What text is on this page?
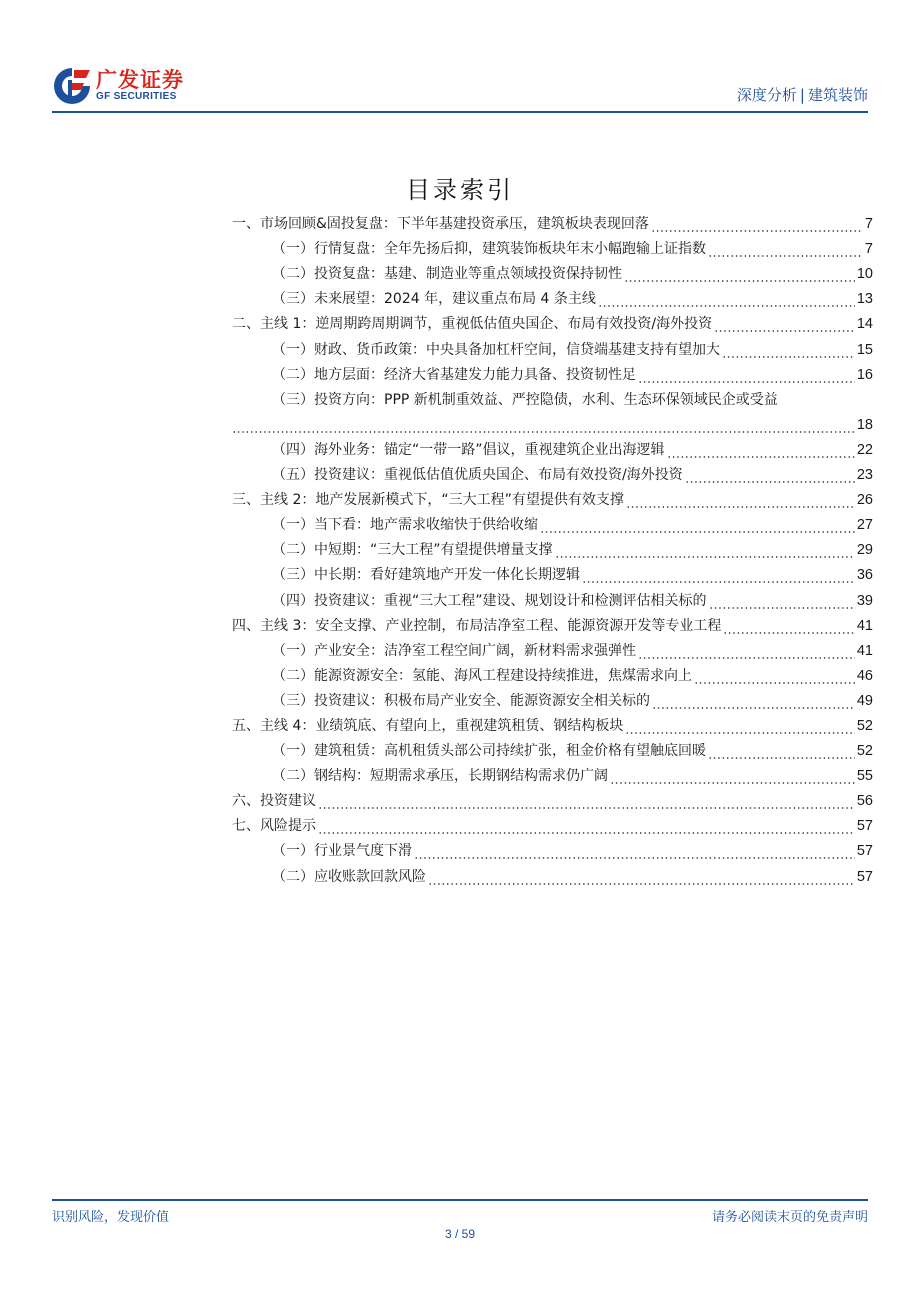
广发证券
GF SECURITIES	深度分析 | 建筑装饰
目录索引
一、市场回顾&固投复盘：下半年基建投资承压，建筑板块表现回落	7
（一）行情复盘：全年先扬后抑，建筑装饰板块年末小幅跑输上证指数	7
（二）投资复盘：基建、制造业等重点领域投资保持韧性	10
（三）未来展望：2024 年，建议重点布局 4 条主线	13
二、主线 1：逆周期跨周期调节，重视低估值央国企、布局有效投资/海外投资	14
（一）财政、货币政策：中央具备加杠杆空间，信贷端基建支持有望加大	15
（二）地方层面：经济大省基建发力能力具备、投资韧性足	16
（三）投资方向：PPP 新机制重效益、严控隐债，水利、生态环保领域民企或受益
18
（四）海外业务：锚定“一带一路”倡议，重视建筑企业出海逻辑	22
（五）投资建议：重视低估值优质央国企、布局有效投资/海外投资	23
三、主线 2：地产发展新模式下，“三大工程”有望提供有效支撑	26
（一）当下看：地产需求收缩快于供给收缩	27
（二）中短期：“三大工程”有望提供增量支撑	29
（三）中长期：看好建筑地产开发一体化长期逻辑	36
（四）投资建议：重视“三大工程”建设、规划设计和检测评估相关标的	39
四、主线 3：安全支撑、产业控制，布局洁净室工程、能源资源开发等专业工程	41
（一）产业安全：洁净室工程空间广阔，新材料需求强弹性	41
（二）能源资源安全：氢能、海风工程建设持续推进，焦煤需求向上	46
（三）投资建议：积极布局产业安全、能源资源安全相关标的	49
五、主线 4：业绩筑底、有望向上，重视建筑租赁、钢结构板块	52
（一）建筑租赁：高机租赁头部公司持续扩张，租金价格有望触底回暖	52
（二）钢结构：短期需求承压，长期钢结构需求仍广阔	55
六、投资建议	56
七、风险提示	57
（一）行业景气度下滑	57
（二）应收账款回款风险	57
识别风险，发现价值	请务必阅读末页的免责声明
3 / 59
